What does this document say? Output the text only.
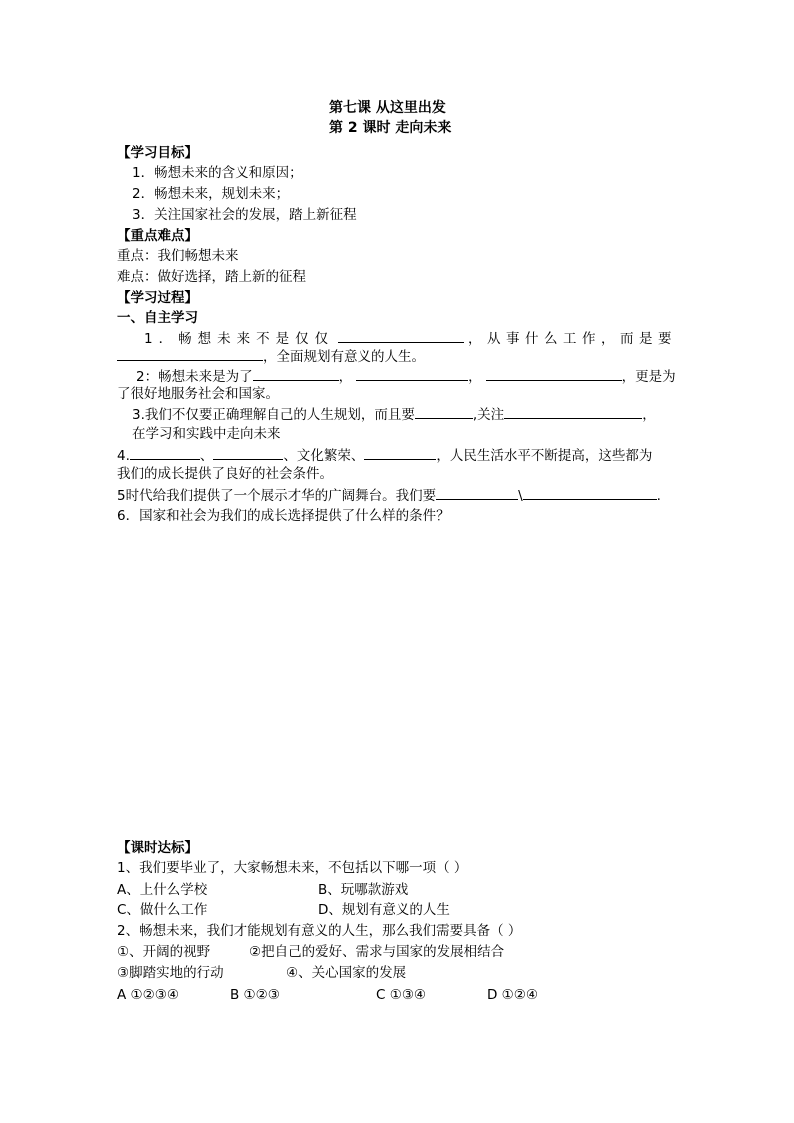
第七课 从这里出发
第 2 课时 走向未来
【学习目标】
1．畅想未来的含义和原因；
2．畅想未来，规划未来；
3．关注国家社会的发展，踏上新征程
【重点难点】
重点：我们畅想未来
难点：做好选择，踏上新的征程
【学习过程】
一、自主学习
1．畅想未来不是仅仅	，从事什么工作，而是要
，全面规划有意义的人生。
2：畅想未来是为了	，	，	，更是为
了很好地服务社会和国家。
3.我们不仅要正确理解自己的人生规划，而且要	,关注	，
在学习和实践中走向未来
4.	、	、文化繁荣、	，人民生活水平不断提高，这些都为
我们的成长提供了良好的社会条件。
5时代给我们提供了一个展示才华的广阔舞台。我们要	\	.
6．国家和社会为我们的成长选择提供了什么样的条件？
【课时达标】
1、我们要毕业了，大家畅想未来，不包括以下哪一项（ ）
A、上什么学校	B、玩哪款游戏
C、做什么工作	D、规划有意义的人生
2、畅想未来，我们才能规划有意义的人生，那么我们需要具备（ ）
①、开阔的视野	②把自己的爱好、需求与国家的发展相结合
③脚踏实地的行动	④、关心国家的发展
A ①②③④	B ①②③	C ①③④	D ①②④
